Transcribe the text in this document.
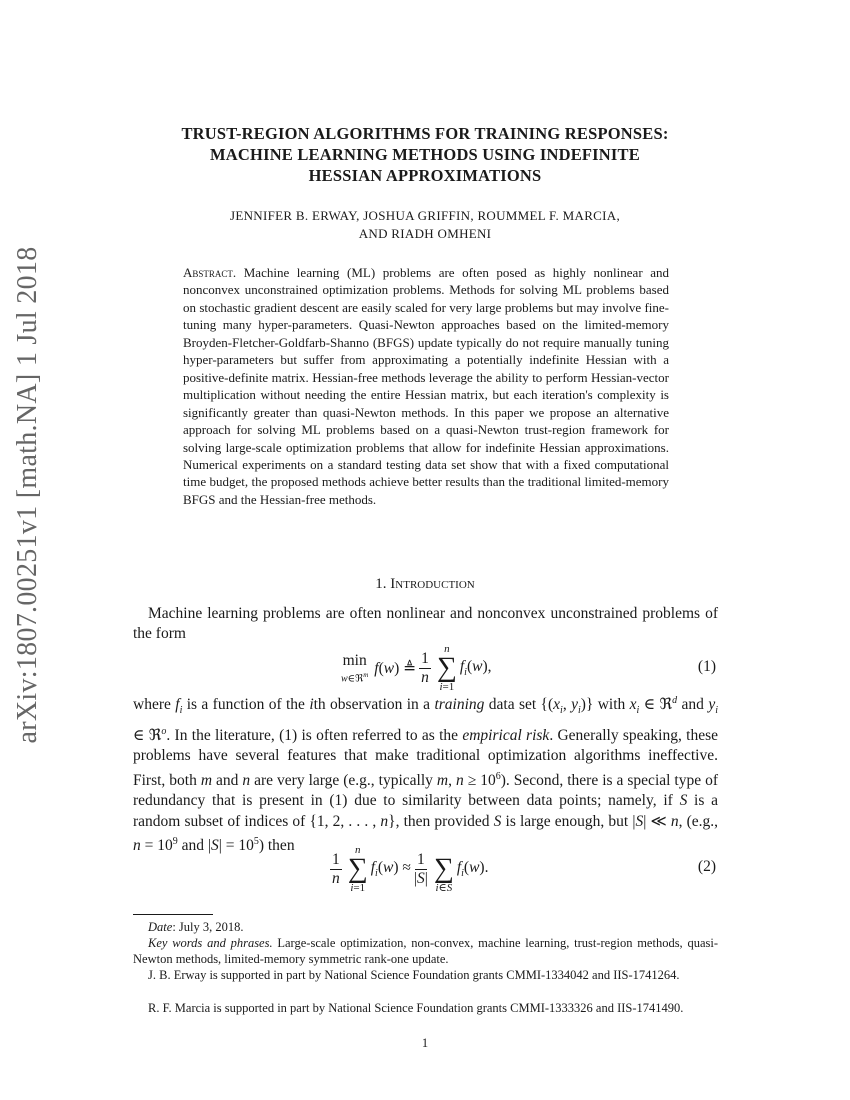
arXiv:1807.00251v1 [math.NA] 1 Jul 2018
TRUST-REGION ALGORITHMS FOR TRAINING RESPONSES:
MACHINE LEARNING METHODS USING INDEFINITE
HESSIAN APPROXIMATIONS
JENNIFER B. ERWAY, JOSHUA GRIFFIN, ROUMMEL F. MARCIA,
AND RIADH OMHENI
Abstract. Machine learning (ML) problems are often posed as highly nonlinear and nonconvex unconstrained optimization problems. Methods for solving ML problems based on stochastic gradient descent are easily scaled for very large problems but may involve fine-tuning many hyper-parameters. Quasi-Newton approaches based on the limited-memory Broyden-Fletcher-Goldfarb-Shanno (BFGS) update typically do not require manually tuning hyper-parameters but suffer from approximating a potentially indefinite Hessian with a positive-definite matrix. Hessian-free methods leverage the ability to perform Hessian-vector multiplication without needing the entire Hessian matrix, but each iteration's complexity is significantly greater than quasi-Newton methods. In this paper we propose an alternative approach for solving ML problems based on a quasi-Newton trust-region framework for solving large-scale optimization problems that allow for indefinite Hessian approximations. Numerical experiments on a standard testing data set show that with a fixed computational time budget, the proposed methods achieve better results than the traditional limited-memory BFGS and the Hessian-free methods.
1. Introduction
Machine learning problems are often nonlinear and nonconvex unconstrained problems of the form
min
w∈ℜ$^m$ f(w) ≜ $\frac{1}{n}$
n
∑
i=1
$f_i(w)$,	(1)
where $f_i$ is a function of the ith observation in a training data set {($x_i$, $y_i$)} with $x_i$ ∈ ℜ$^d$ and $y_i$ ∈ ℜ$^o$. In the literature, (1) is often referred to as the empirical risk. Generally speaking, these problems have several features that make traditional optimization algorithms ineffective. First, both m and n are very large (e.g., typically m, $n \ge 10^6$). Second, there is a special type of redundancy that is present in (1) due to similarity between data points; namely, if S is a random subset of indices of {1, 2, . . . , n}, then provided S is large enough, but |S| ≪ n, (e.g., $n = 10^9$ and $|S| = 10^5$) then
$\frac{1}{n}$
n
∑
i=1
$f_i(w) \approx \frac{1}{|S|}$
∑
i∈S
$f_i(w)$.	(2)
Date: July 3, 2018.
Key words and phrases. Large-scale optimization, non-convex, machine learning, trust-region methods, quasi-Newton methods, limited-memory symmetric rank-one update.
J. B. Erway is supported in part by National Science Foundation grants CMMI-1334042 and IIS-1741264.
R. F. Marcia is supported in part by National Science Foundation grants CMMI-1333326 and IIS-1741490.
1
